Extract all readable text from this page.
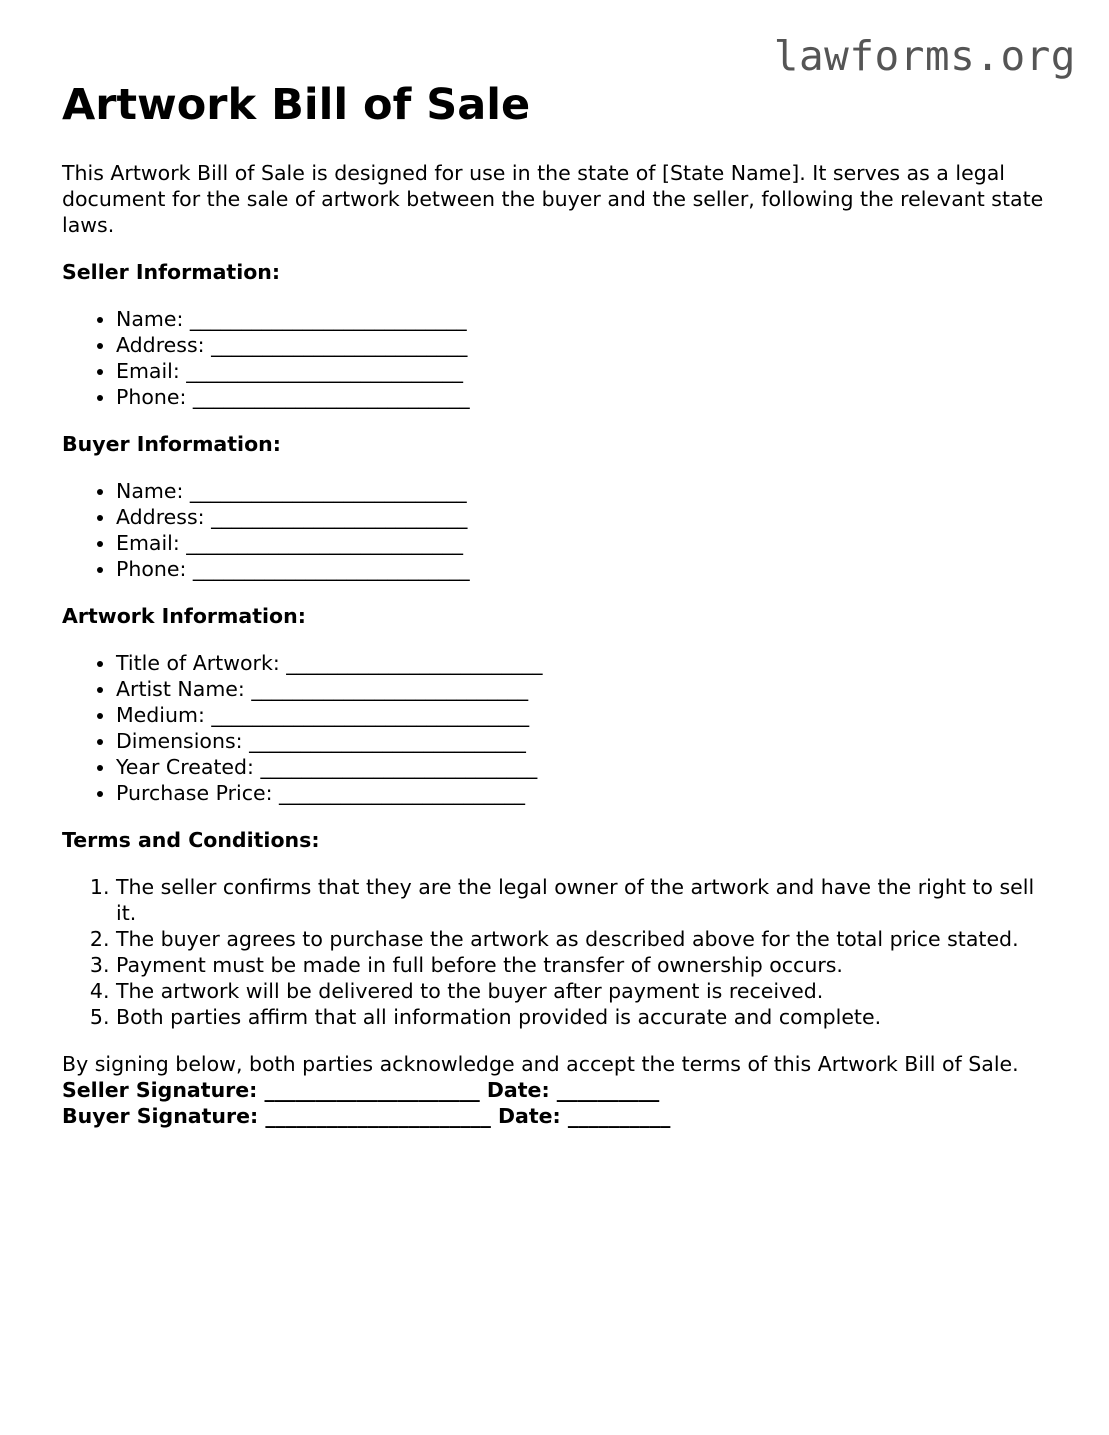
lawforms.org
Artwork Bill of Sale

This Artwork Bill of Sale is designed for use in the state of [State Name]. It serves as a legal document for the sale of artwork between the buyer and the seller, following the relevant state laws.

Seller Information:

• Name: ___________________________
• Address: _________________________
• Email: ___________________________
• Phone: ___________________________

Buyer Information:

• Name: ___________________________
• Address: _________________________
• Email: ___________________________
• Phone: ___________________________

Artwork Information:

• Title of Artwork: _________________________
• Artist Name: ___________________________
• Medium: _______________________________
• Dimensions: ___________________________
• Year Created: ___________________________
• Purchase Price: ________________________

Terms and Conditions:

1. The seller confirms that they are the legal owner of the artwork and have the right to sell it.
2. The buyer agrees to purchase the artwork as described above for the total price stated.
3. Payment must be made in full before the transfer of ownership occurs.
4. The artwork will be delivered to the buyer after payment is received.
5. Both parties affirm that all information provided is accurate and complete.

By signing below, both parties acknowledge and accept the terms of this Artwork Bill of Sale.

Seller Signature: _____________________ Date: __________

Buyer Signature: ______________________ Date: __________
